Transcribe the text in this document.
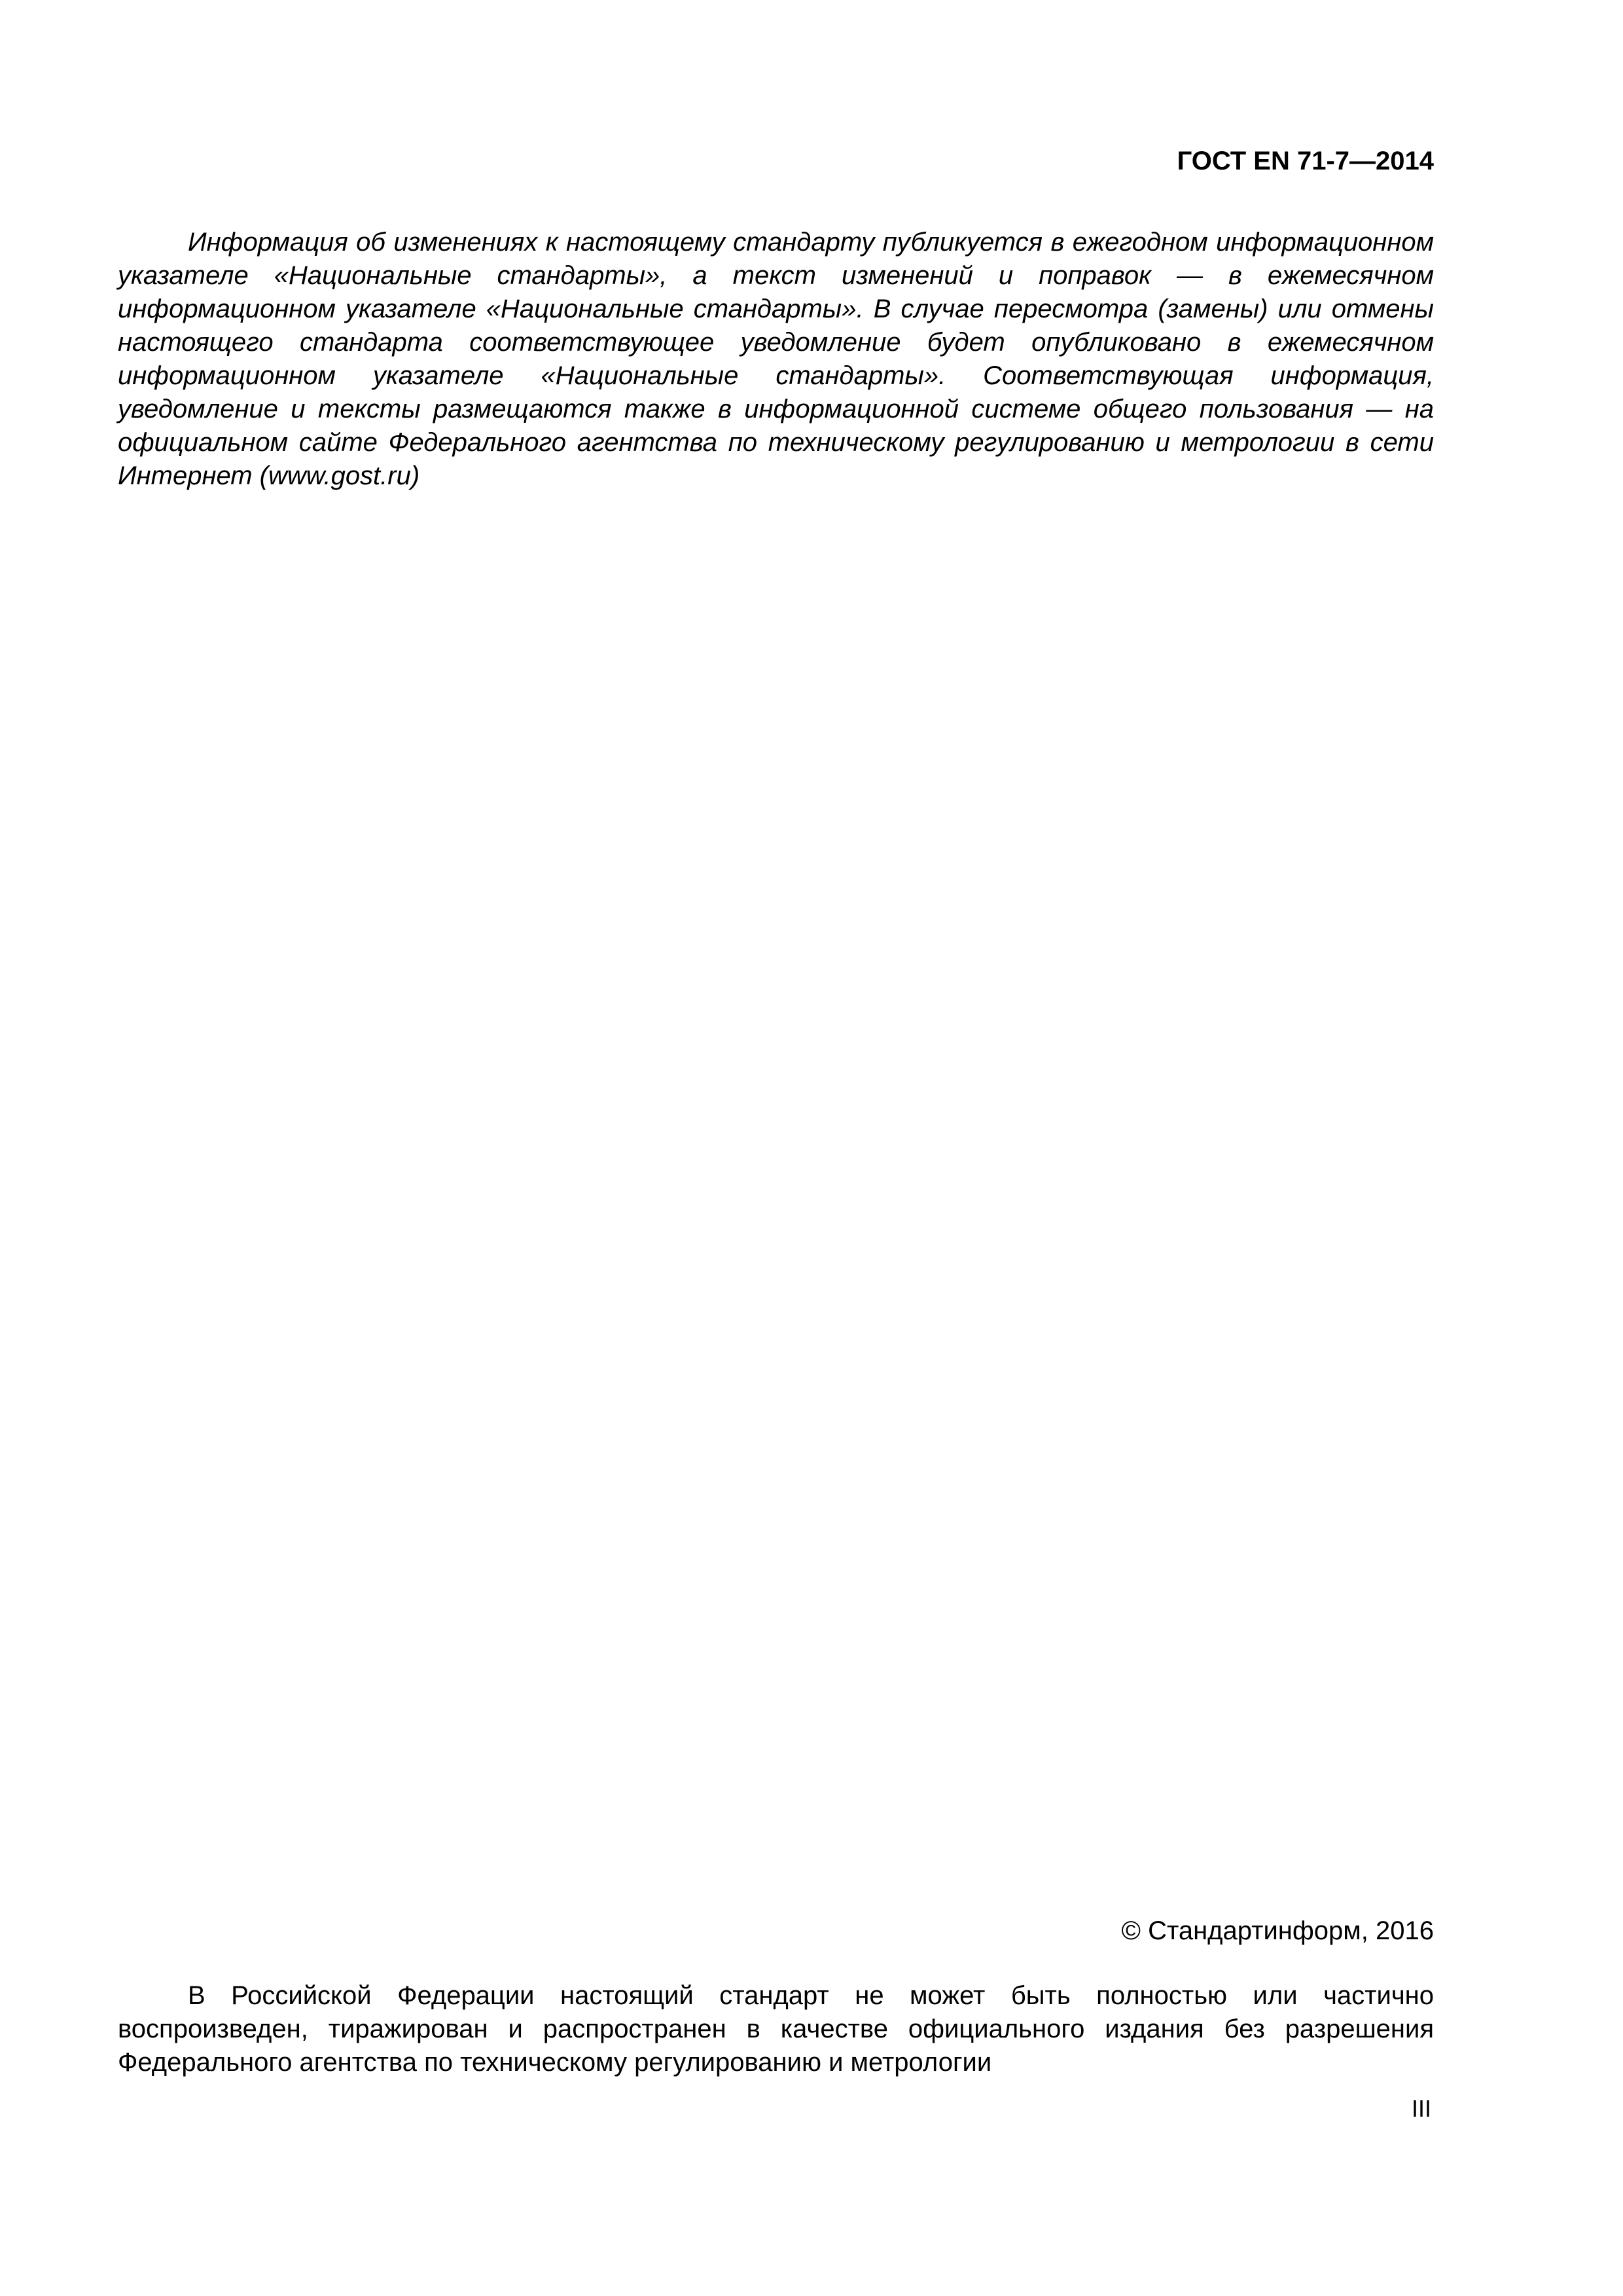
ГОСТ EN 71-7—2014

Информация об изменениях к настоящему стандарту публикуется в ежегодном информационном указателе «Национальные стандарты», а текст изменений и поправок — в ежемесячном информационном указателе «Национальные стандарты». В случае пересмотра (замены) или отмены настоящего стандарта соответствующее уведомление будет опубликовано в ежемесячном информационном указателе «Национальные стандарты». Соответствующая информация, уведомление и тексты размещаются также в информационной системе общего пользования — на официальном сайте Федерального агентства по техническому регулированию и метрологии в сети Интернет (www.gost.ru)

© Стандартинформ, 2016

В Российской Федерации настоящий стандарт не может быть полностью или частично воспроизведен, тиражирован и распространен в качестве официального издания без разрешения Федерального агентства по техническому регулированию и метрологии

III
